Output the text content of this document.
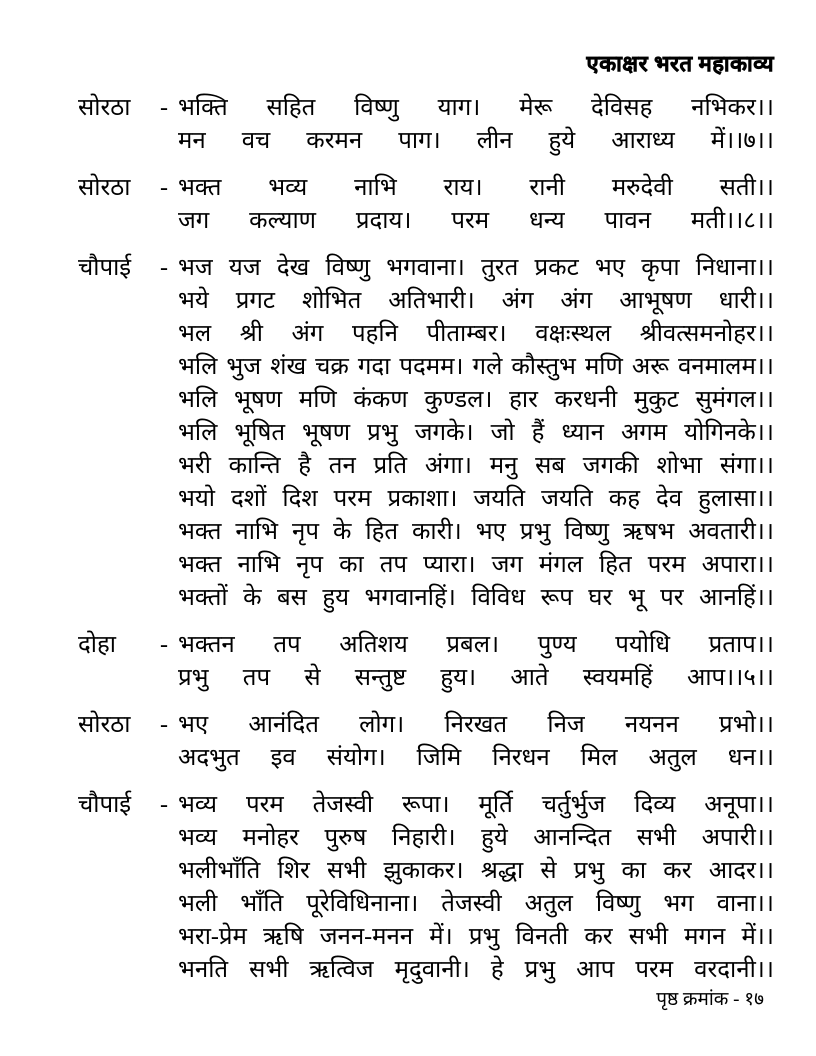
एकाक्षर भरत महाकाव्य
सोरठा	- भक्ति सहित विष्णु याग। मेरू देविसह नभिकर।।
मन वच करमन पाग। लीन हुये आराध्य में।।७।।
सोरठा	- भक्त भव्य नाभि राय। रानी मरुदेवी सती।।
जग कल्याण प्रदाय। परम धन्य पावन मती।।८।।
चौपाई	- भज यज देख विष्णु भगवाना। तुरत प्रकट भए कृपा निधाना।।
भये प्रगट शोभित अतिभारी। अंग अंग आभूषण धारी।।
भल श्री अंग पहनि पीताम्बर। वक्षःस्थल श्रीवत्समनोहर।।
भलि भुज शंख चक्र गदा पदमम। गले कौस्तुभ मणि अरू वनमालम।।
भलि भूषण मणि कंकण कुण्डल। हार करधनी मुकुट सुमंगल।।
भलि भूषित भूषण प्रभु जगके। जो हैं ध्यान अगम योगिनके।।
भरी कान्ति है तन प्रति अंगा। मनु सब जगकी शोभा संगा।।
भयो दशों दिश परम प्रकाशा। जयति जयति कह देव हुलासा।।
भक्त नाभि नृप के हित कारी। भए प्रभु विष्णु ऋषभ अवतारी।।
भक्त नाभि नृप का तप प्यारा। जग मंगल हित परम अपारा।।
भक्तों के बस हुय भगवानहिं। विविध रूप घर भू पर आनहिं।।
दोहा	- भक्तन तप अतिशय प्रबल। पुण्य पयोधि प्रताप।।
प्रभु तप से सन्तुष्ट हुय। आते स्वयमहिं आप।।५।।
सोरठा	- भए आनंदित लोग। निरखत निज नयनन प्रभो।।
अदभुत इव संयोग। जिमि निरधन मिल अतुल धन।।
चौपाई	- भव्य परम तेजस्वी रूपा। मूर्ति चर्तुर्भुज दिव्य अनूपा।।
भव्य मनोहर पुरुष निहारी। हुये आनन्दित सभी अपारी।।
भलीभाँति शिर सभी झुकाकर। श्रद्धा से प्रभु का कर आदर।।
भली भाँति पूरेविधिनाना। तेजस्वी अतुल विष्णु भग वाना।।
भरा-प्रेम ऋषि जनन-मनन में। प्रभु विनती कर सभी मगन में।।
भनति सभी ऋत्विज मृदुवानी। हे प्रभु आप परम वरदानी।।
पृष्ठ क्रमांक - १७
